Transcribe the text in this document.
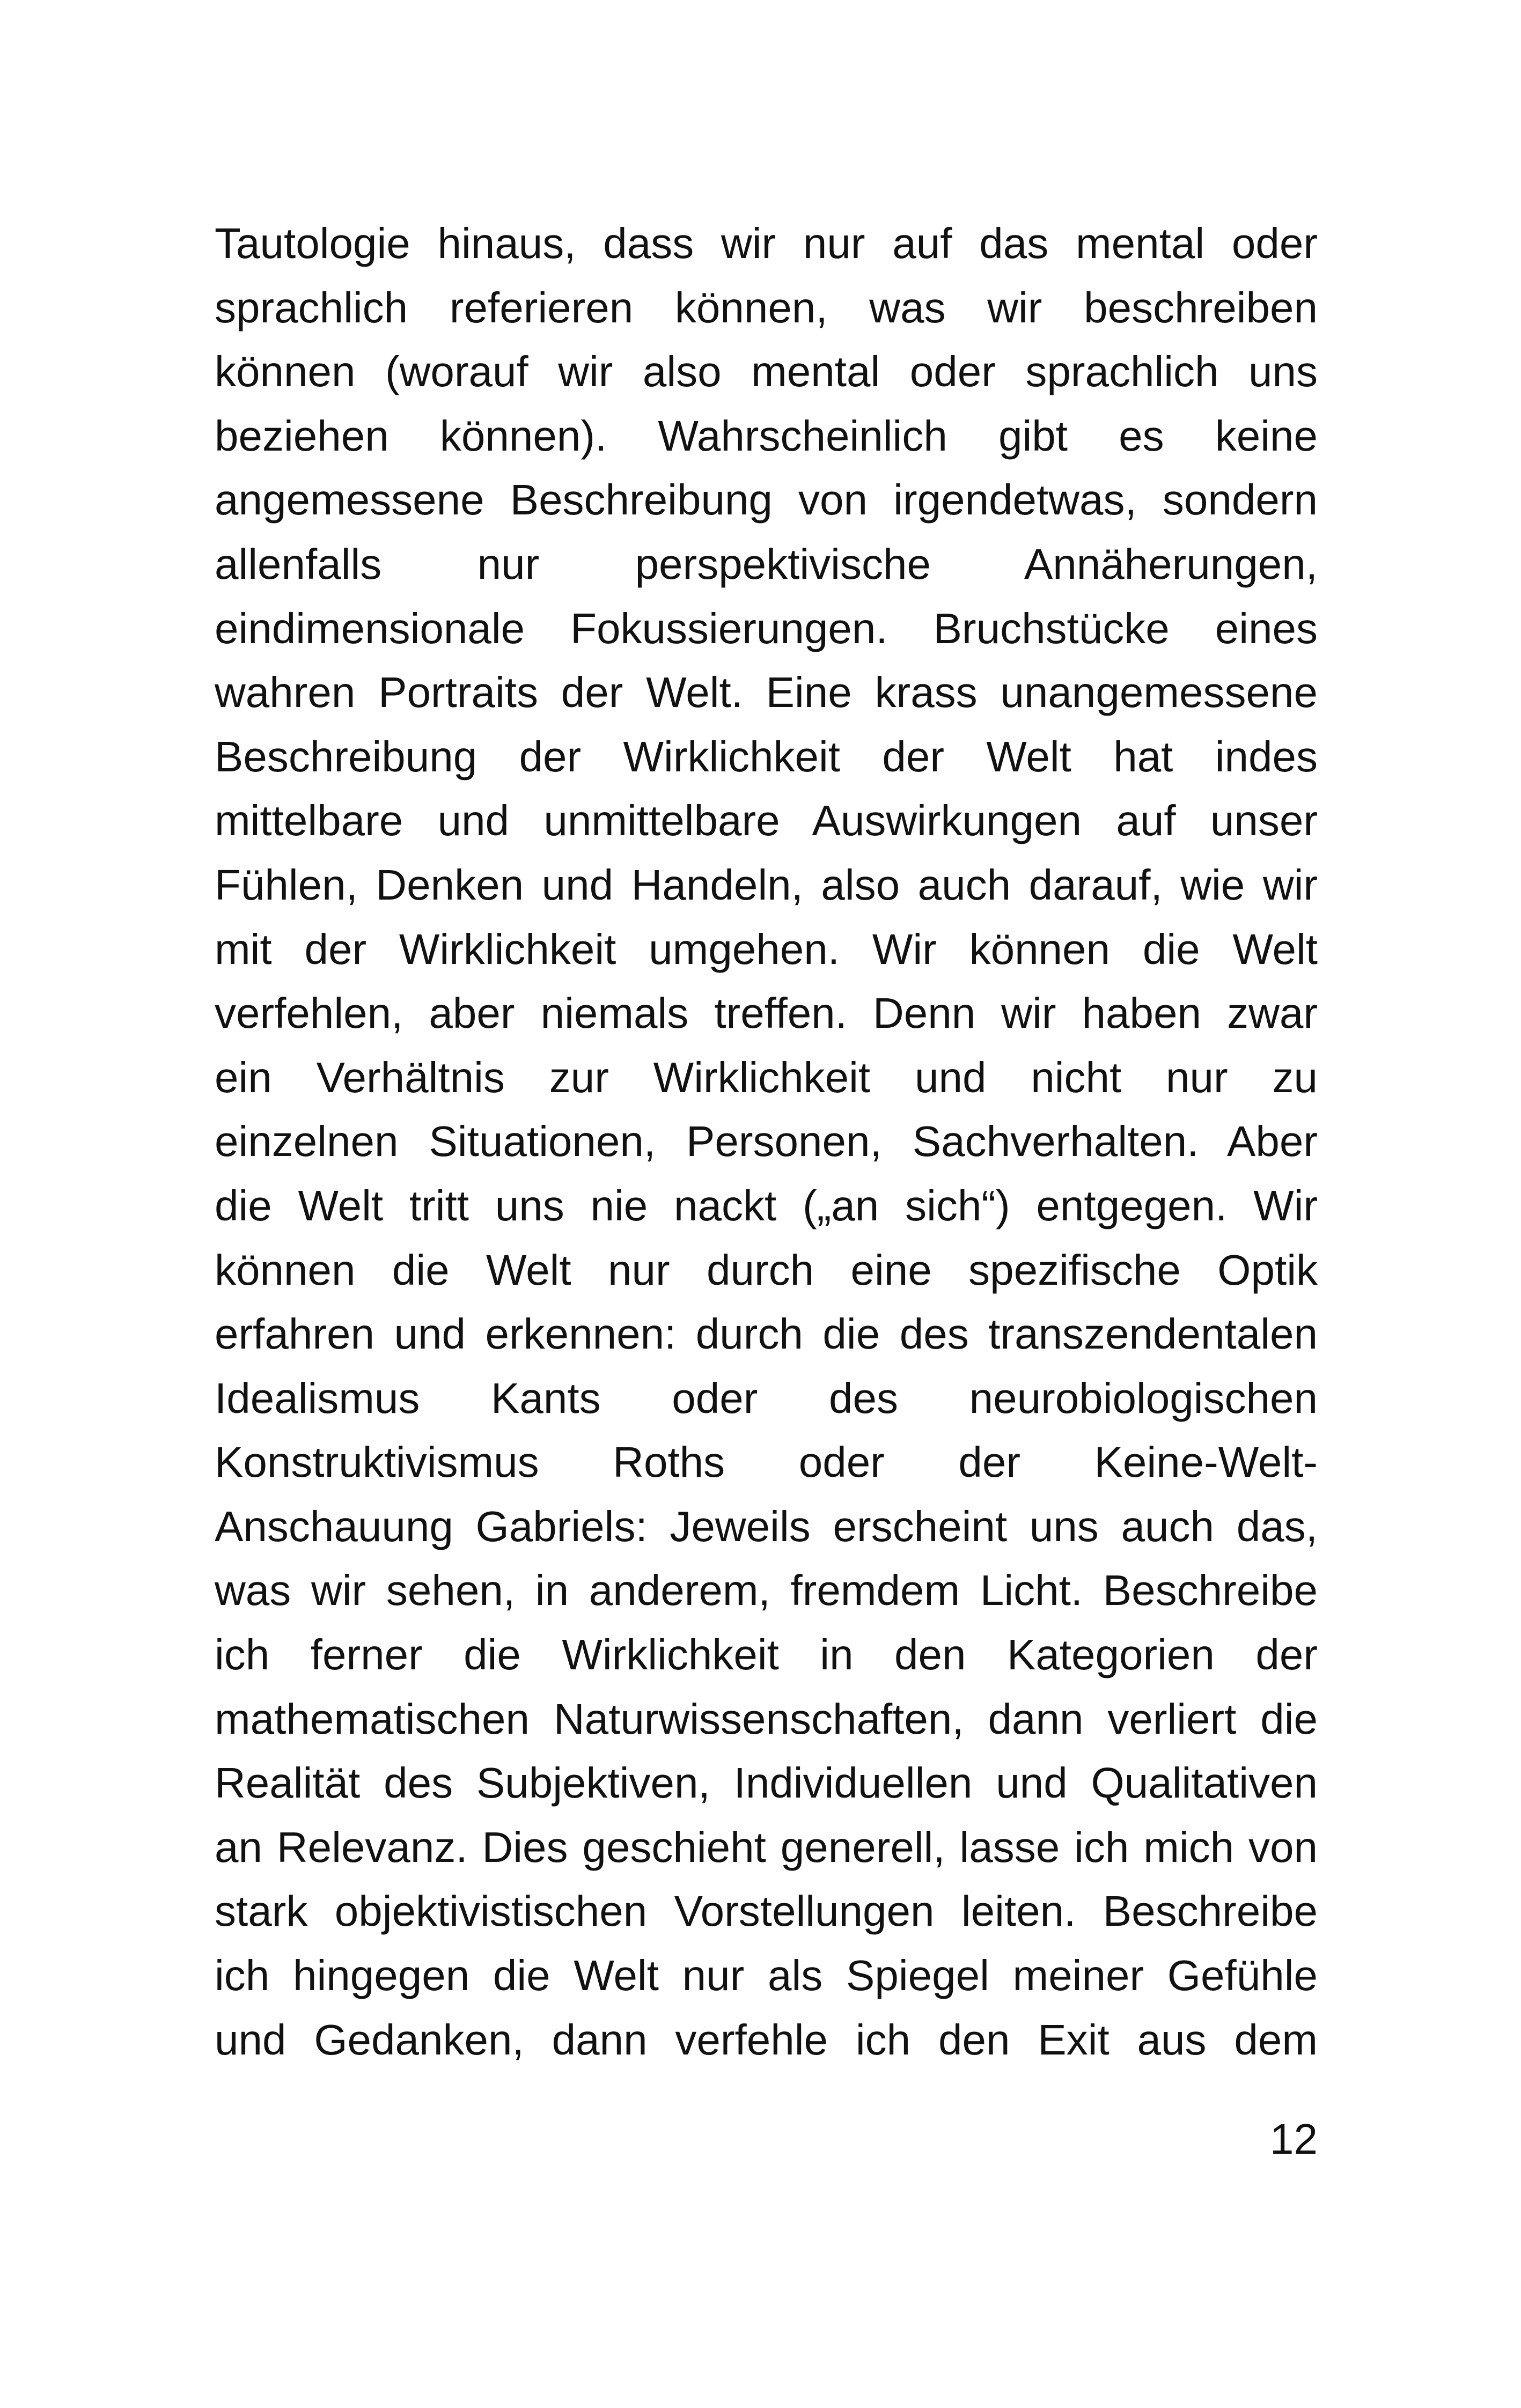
Tautologie hinaus, dass wir nur auf das mental oder
sprachlich referieren können, was wir beschreiben
können (worauf wir also mental oder sprachlich uns
beziehen können). Wahrscheinlich gibt es keine
angemessene Beschreibung von irgendetwas, sondern
allenfalls nur perspektivische Annäherungen,
eindimensionale Fokussierungen. Bruchstücke eines
wahren Portraits der Welt. Eine krass unangemessene
Beschreibung der Wirklichkeit der Welt hat indes
mittelbare und unmittelbare Auswirkungen auf unser
Fühlen, Denken und Handeln, also auch darauf, wie wir
mit der Wirklichkeit umgehen. Wir können die Welt
verfehlen, aber niemals treffen. Denn wir haben zwar
ein Verhältnis zur Wirklichkeit und nicht nur zu
einzelnen Situationen, Personen, Sachverhalten. Aber
die Welt tritt uns nie nackt („an sich“) entgegen. Wir
können die Welt nur durch eine spezifische Optik
erfahren und erkennen: durch die des transzendentalen
Idealismus Kants oder des neurobiologischen
Konstruktivismus Roths oder der Keine-Welt-
Anschauung Gabriels: Jeweils erscheint uns auch das,
was wir sehen, in anderem, fremdem Licht. Beschreibe
ich ferner die Wirklichkeit in den Kategorien der
mathematischen Naturwissenschaften, dann verliert die
Realität des Subjektiven, Individuellen und Qualitativen
an Relevanz. Dies geschieht generell, lasse ich mich von
stark objektivistischen Vorstellungen leiten. Beschreibe
ich hingegen die Welt nur als Spiegel meiner Gefühle
und Gedanken, dann verfehle ich den Exit aus dem
12
